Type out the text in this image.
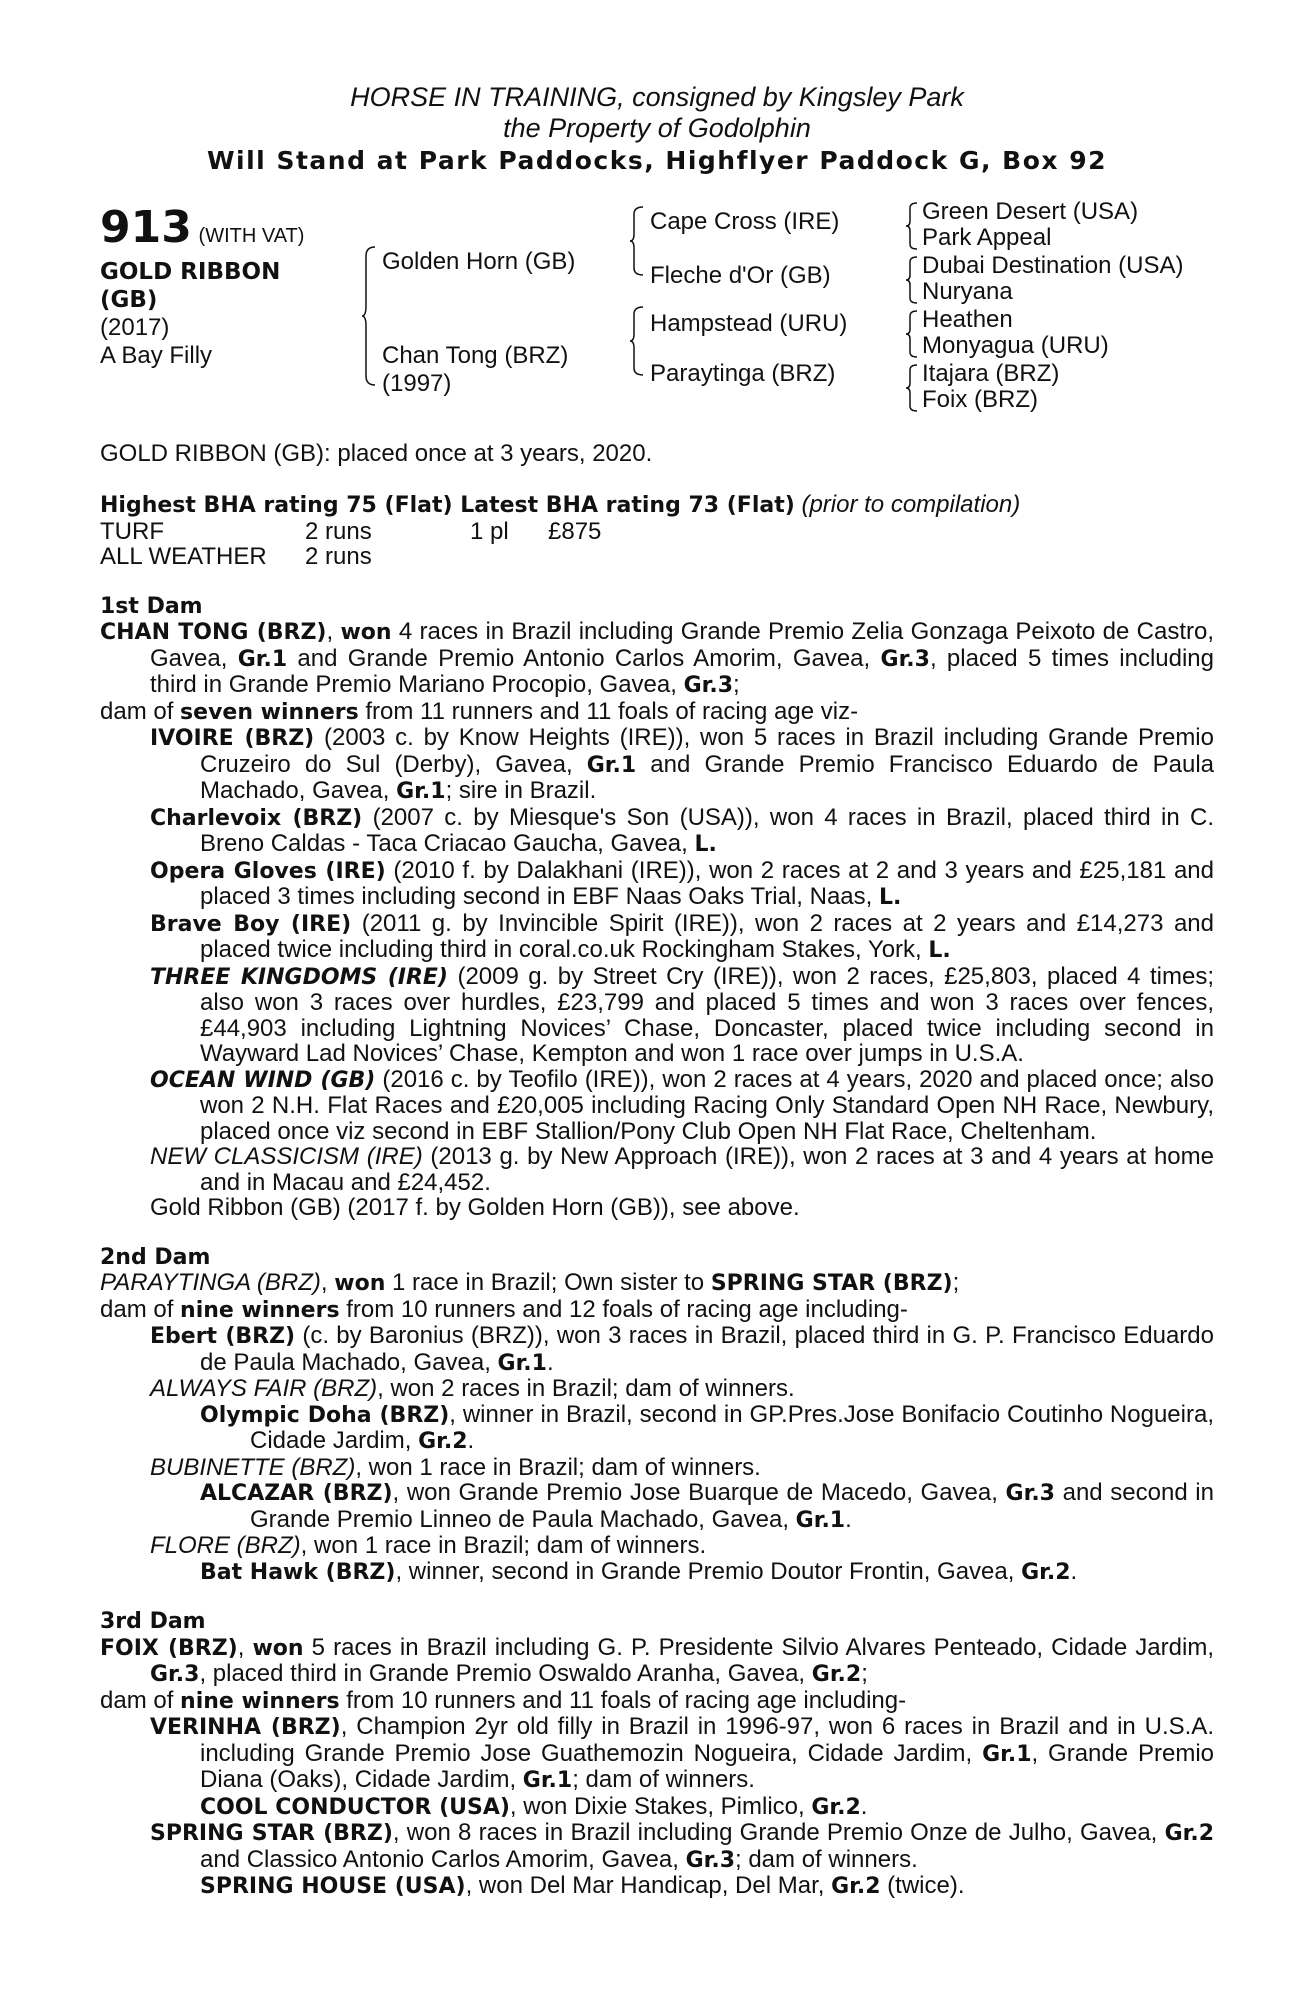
HORSE IN TRAINING, consigned by Kingsley Park
the Property of Godolphin
Will Stand at Park Paddocks, Highflyer Paddock G, Box 92
913 (WITH VAT)
GOLD RIBBON
(GB)
(2017)
A Bay Filly
Golden Horn (GB)
Chan Tong (BRZ)
(1997)
Cape Cross (IRE)
Fleche d'Or (GB)
Hampstead (URU)
Paraytinga (BRZ)
Green Desert (USA)
Park Appeal
Dubai Destination (USA)
Nuryana
Heathen
Monyagua (URU)
Itajara (BRZ)
Foix (BRZ)
GOLD RIBBON (GB): placed once at 3 years, 2020.

Highest BHA rating 75 (Flat) Latest BHA rating 73 (Flat) (prior to compilation)

TURF	2 runs	1 pl	£875
ALL WEATHER	2 runs

1st Dam

CHAN TONG (BRZ), won 4 races in Brazil including Grande Premio Zelia Gonzaga Peixoto de Castro, Gavea, Gr.1 and Grande Premio Antonio Carlos Amorim, Gavea, Gr.3, placed 5 times including third in Grande Premio Mariano Procopio, Gavea, Gr.3;

dam of seven winners from 11 runners and 11 foals of racing age viz-

IVOIRE (BRZ) (2003 c. by Know Heights (IRE)), won 5 races in Brazil including Grande Premio Cruzeiro do Sul (Derby), Gavea, Gr.1 and Grande Premio Francisco Eduardo de Paula Machado, Gavea, Gr.1; sire in Brazil.

Charlevoix (BRZ) (2007 c. by Miesque's Son (USA)), won 4 races in Brazil, placed third in C. Breno Caldas - Taca Criacao Gaucha, Gavea, L.

Opera Gloves (IRE) (2010 f. by Dalakhani (IRE)), won 2 races at 2 and 3 years and £25,181 and placed 3 times including second in EBF Naas Oaks Trial, Naas, L.

Brave Boy (IRE) (2011 g. by Invincible Spirit (IRE)), won 2 races at 2 years and £14,273 and placed twice including third in coral.co.uk Rockingham Stakes, York, L.

THREE KINGDOMS (IRE) (2009 g. by Street Cry (IRE)), won 2 races, £25,803, placed 4 times; also won 3 races over hurdles, £23,799 and placed 5 times and won 3 races over fences, £44,903 including Lightning Novices’ Chase, Doncaster, placed twice including second in Wayward Lad Novices’ Chase, Kempton and won 1 race over jumps in U.S.A.

OCEAN WIND (GB) (2016 c. by Teofilo (IRE)), won 2 races at 4 years, 2020 and placed once; also won 2 N.H. Flat Races and £20,005 including Racing Only Standard Open NH Race, Newbury, placed once viz second in EBF Stallion/Pony Club Open NH Flat Race, Cheltenham.

NEW CLASSICISM (IRE) (2013 g. by New Approach (IRE)), won 2 races at 3 and 4 years at home and in Macau and £24,452.

Gold Ribbon (GB) (2017 f. by Golden Horn (GB)), see above.

2nd Dam

PARAYTINGA (BRZ), won 1 race in Brazil; Own sister to SPRING STAR (BRZ);

dam of nine winners from 10 runners and 12 foals of racing age including-

Ebert (BRZ) (c. by Baronius (BRZ)), won 3 races in Brazil, placed third in G. P. Francisco Eduardo de Paula Machado, Gavea, Gr.1.

ALWAYS FAIR (BRZ), won 2 races in Brazil; dam of winners.

Olympic Doha (BRZ), winner in Brazil, second in GP.Pres.Jose Bonifacio Coutinho Nogueira, Cidade Jardim, Gr.2.

BUBINETTE (BRZ), won 1 race in Brazil; dam of winners.

ALCAZAR (BRZ), won Grande Premio Jose Buarque de Macedo, Gavea, Gr.3 and second in Grande Premio Linneo de Paula Machado, Gavea, Gr.1.

FLORE (BRZ), won 1 race in Brazil; dam of winners.

Bat Hawk (BRZ), winner, second in Grande Premio Doutor Frontin, Gavea, Gr.2.

3rd Dam

FOIX (BRZ), won 5 races in Brazil including G. P. Presidente Silvio Alvares Penteado, Cidade Jardim, Gr.3, placed third in Grande Premio Oswaldo Aranha, Gavea, Gr.2;

dam of nine winners from 10 runners and 11 foals of racing age including-

VERINHA (BRZ), Champion 2yr old filly in Brazil in 1996-97, won 6 races in Brazil and in U.S.A. including Grande Premio Jose Guathemozin Nogueira, Cidade Jardim, Gr.1, Grande Premio Diana (Oaks), Cidade Jardim, Gr.1; dam of winners.

COOL CONDUCTOR (USA), won Dixie Stakes, Pimlico, Gr.2.

SPRING STAR (BRZ), won 8 races in Brazil including Grande Premio Onze de Julho, Gavea, Gr.2 and Classico Antonio Carlos Amorim, Gavea, Gr.3; dam of winners.

SPRING HOUSE (USA), won Del Mar Handicap, Del Mar, Gr.2 (twice).
